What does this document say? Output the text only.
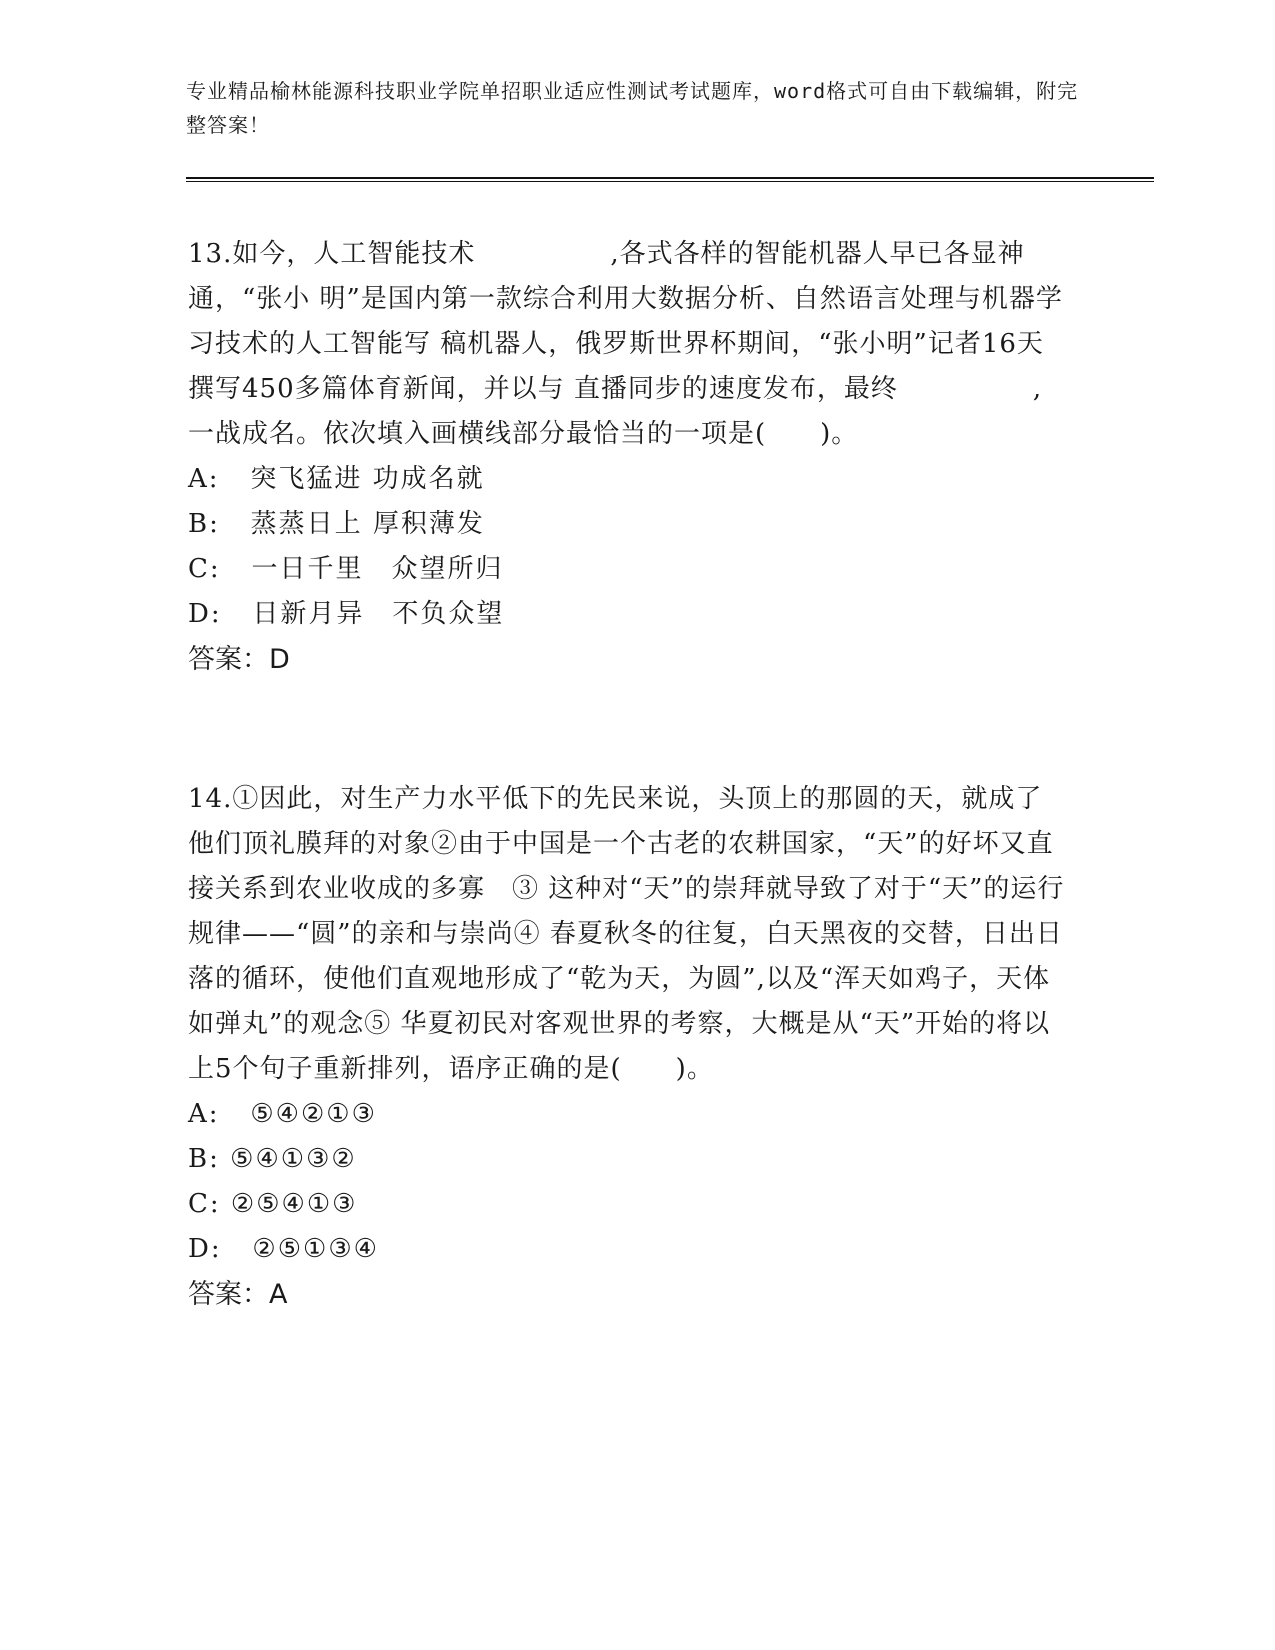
专业精品榆林能源科技职业学院单招职业适应性测试考试题库，word格式可自由下载编辑，附完整答案！

13.如今，人工智能技术　　　　　,各式各样的智能机器人早已各显神通，“张小 明”是国内第一款综合利用大数据分析、自然语言处理与机器学习技术的人工智能写 稿机器人，俄罗斯世界杯期间，“张小明”记者16天撰写450多篇体育新闻，并以与 直播同步的速度发布，最终　　　　　,一战成名。依次填入画横线部分最恰当的一项是(　　)。

A: 突飞猛进 功成名就

B: 蒸蒸日上 厚积薄发

C: 一日千里　众望所归

D: 日新月异　不负众望

答案：D

14.①因此，对生产力水平低下的先民来说，头顶上的那圆的天，就成了他们顶礼膜拜的对象②由于中国是一个古老的农耕国家，“天”的好坏又直接关系到农业收成的多寡　③ 这种对“天”的崇拜就导致了对于“天”的运行规律——“圆”的亲和与崇尚④ 春夏秋冬的往复，白天黑夜的交替，日出日落的循环，使他们直观地形成了“乾为天，为圆”,以及“浑天如鸡子，天体如弹丸”的观念⑤ 华夏初民对客观世界的考察，大概是从“天”开始的将以上5个句子重新排列，语序正确的是(　　)。

A: ⑤④②①③

B: ⑤④①③②

C: ②⑤④①③

D: ②⑤①③④

答案：A
